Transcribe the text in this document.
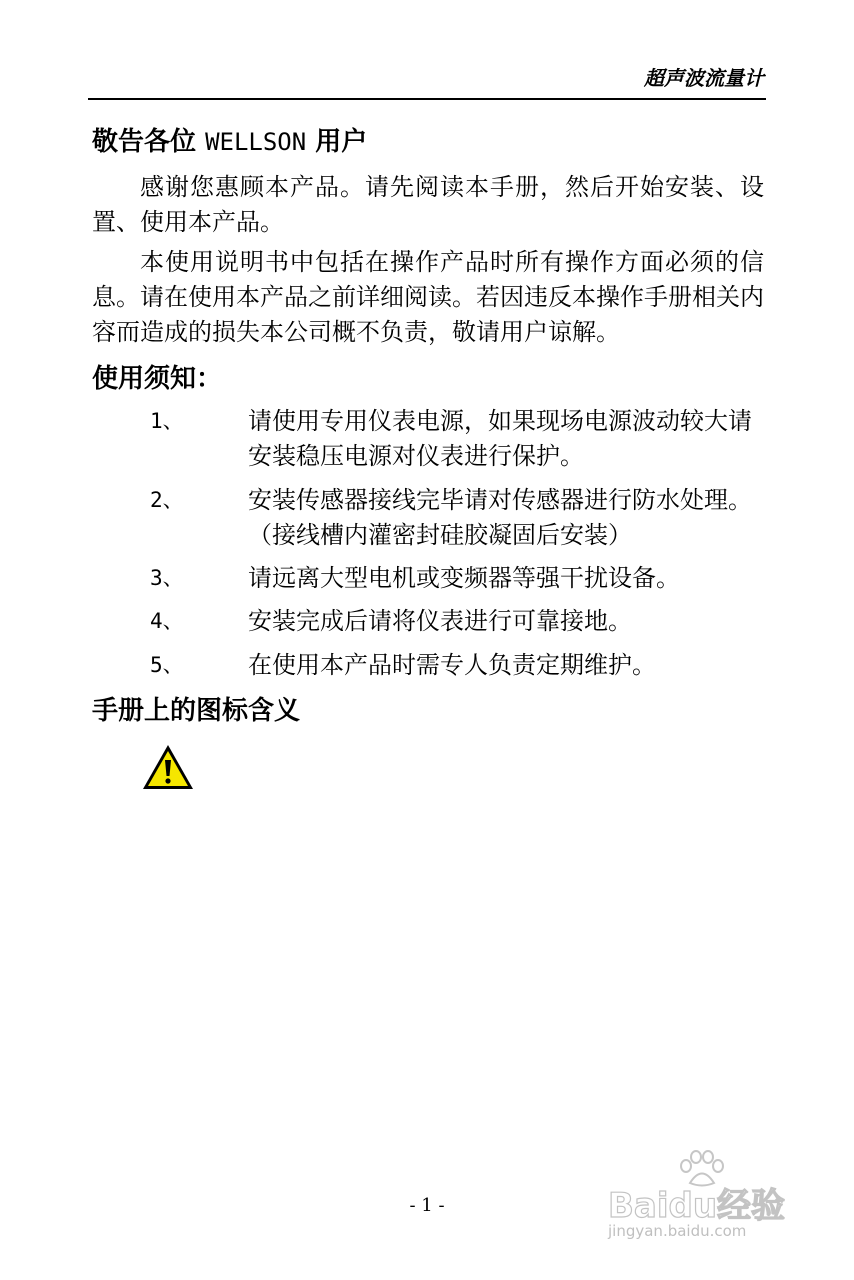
超声波流量计
敬告各位 WELLSON 用户
感谢您惠顾本产品。请先阅读本手册，然后开始安装、设置、使用本产品。
本使用说明书中包括在操作产品时所有操作方面必须的信息。请在使用本产品之前详细阅读。若因违反本操作手册相关内容而造成的损失本公司概不负责，敬请用户谅解。
使用须知：
1、	请使用专用仪表电源，如果现场电源波动较大请安装稳压电源对仪表进行保护。
2、	安装传感器接线完毕请对传感器进行防水处理。（接线槽内灌密封硅胶凝固后安装）
3、	请远离大型电机或变频器等强干扰设备。
4、	安装完成后请将仪表进行可靠接地。
5、	在使用本产品时需专人负责定期维护。
手册上的图标含义
- 1 -	Baidu经验
jingyan.baidu.com
